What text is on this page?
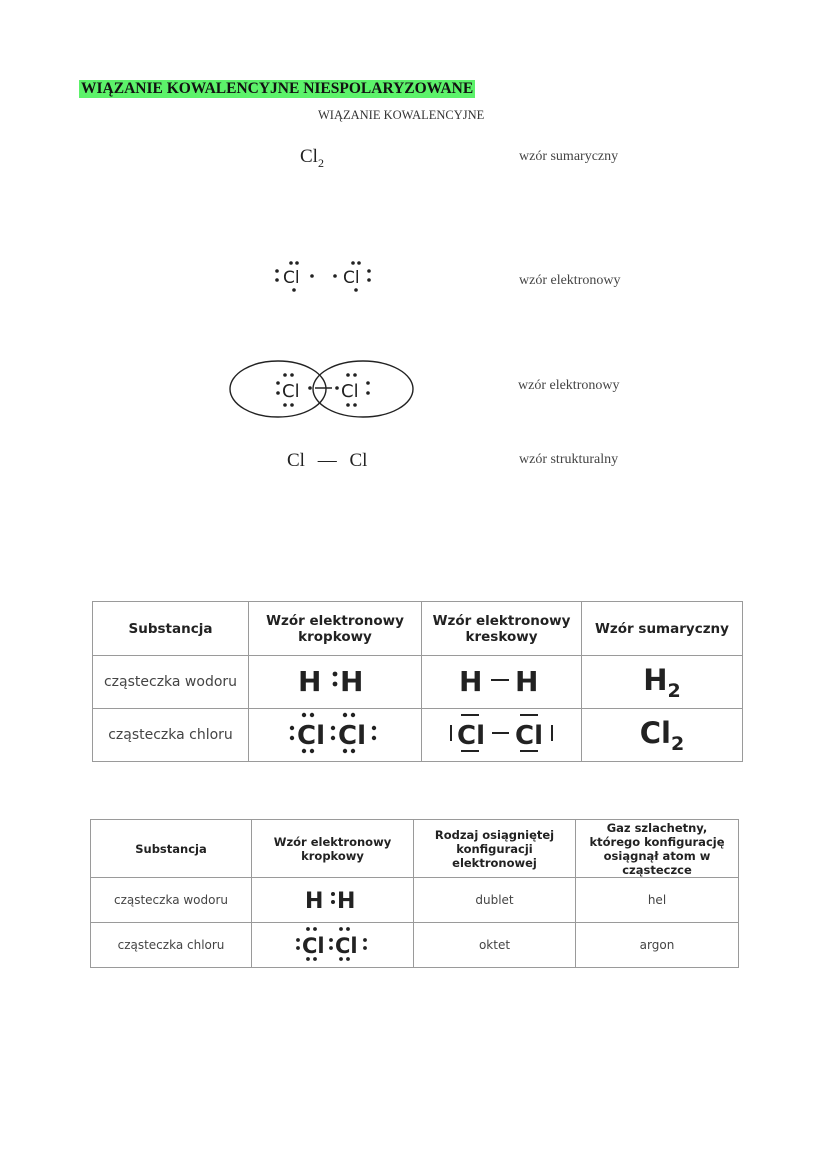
WIĄZANIE KOWALENCYJNE NIESPOLARYZOWANE
WIĄZANIE KOWALENCYJNE
$Cl_2$	wzór sumaryczny
Cl	Cl	wzór elektronowy
Cl Cl	wzór elektronowy
Cl — Cl	wzór strukturalny
Substancja	Wzór elektronowy kropkowy	Wzór elektronowy kreskowy	Wzór sumaryczny
cząsteczka wodoru	H H	H H	$H_2$
cząsteczka chloru	Cl Cl	Cl Cl	$Cl_2$
Substancja	Wzór elektronowy kropkowy	Rodzaj osiągniętej konfiguracji elektronowej	Gaz szlachetny, którego konfigurację osiągnął atom w cząsteczce
cząsteczka wodoru	H H	dublet	hel
cząsteczka chloru	Cl Cl	oktet	argon
